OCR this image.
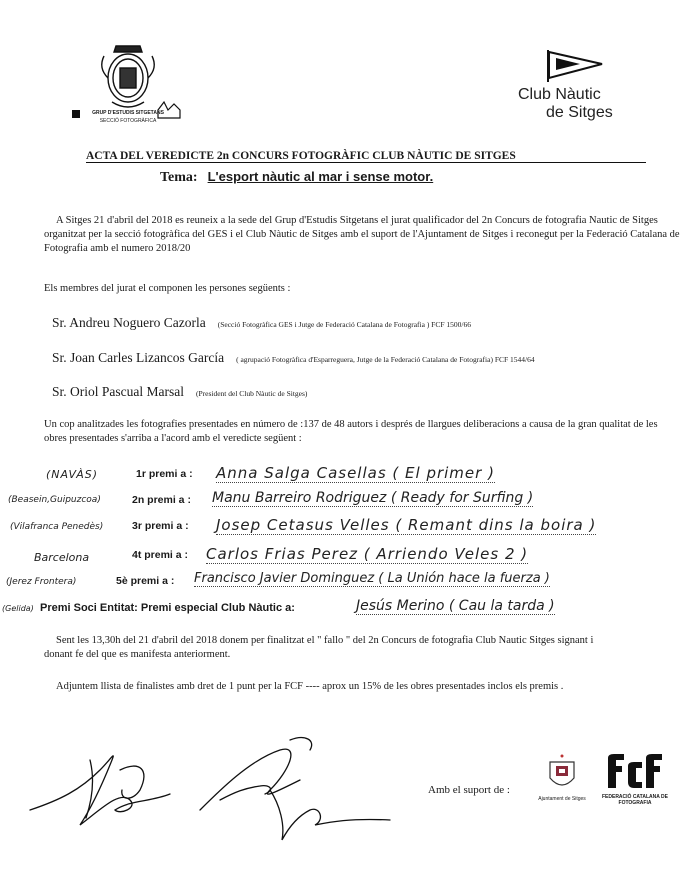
GRUP D'ESTUDIS SITGETANS
SECCIÓ FOTOGRÀFICA
Club Nàutic
de Sitges
ACTA DEL VEREDICTE 2n CONCURS FOTOGRÀFIC CLUB NÀUTIC DE SITGES
Tema: L'esport nàutic al mar i sense motor.
A Sitges 21 d'abril del 2018 es reuneix a la sede del Grup d'Estudis Sitgetans el jurat qualificador del 2n Concurs de fotografia Nautic de Sitges organitzat per la secció fotogràfica del GES i el Club Nàutic de Sitges amb el suport de l'Ajuntament de Sitges i reconegut per la Federació Catalana de Fotografia amb el numero 2018/20
Els membres del jurat el componen les persones següents :
Sr. Andreu Noguero Cazorla (Secció Fotogràfica GES i Jutge de Federació Catalana de Fotografia ) FCF 1500/66
Sr. Joan Carles Lizancos García ( agrupació Fotogràfica d'Esparreguera, Jutge de la Federació Catalana de Fotografia) FCF 1544/64
Sr. Oriol Pascual Marsal (President del Club Nàutic de Sitges)
Un cop analitzades les fotografies presentades en número de :137 de 48 autors i després de llargues deliberacions a causa de la gran qualitat de les obres presentades s'arriba a l'acord amb el veredicte següent :
(NAVÀS)	1r premi a : Anna Salga Casellas ( El primer )
(Beasein,Guipuzcoa)	2n premi a : Manu Barreiro Rodriguez ( Ready for Surfing )
(Vilafranca Penedès)	3r premi a : Josep Cetasus Velles ( Remant dins la boira )
Barcelona	4t premi a : Carlos Frias Perez ( Arriendo Veles 2 )
(Jerez Frontera)	5è premi a : Francisco Javier Dominguez ( La Unión hace la fuerza )
(Gelida) Premi Soci Entitat: Premi especial Club Nàutic a:	Jesús Merino ( Cau la tarda )
Sent les 13,30h del 21 d'abril del 2018 donem per finalitzat el " fallo " del 2n Concurs de fotografia Club Nautic Sitges signant i donant fe del que es manifesta anteriorment.
Adjuntem llista de finalistes amb dret de 1 punt per la FCF ---- aprox un 15% de les obres presentades inclos els premis .
Amb el suport de :
Ajuntament de Sitges	FEDERACIÓ CATALANA DE FOTOGRAFIA
